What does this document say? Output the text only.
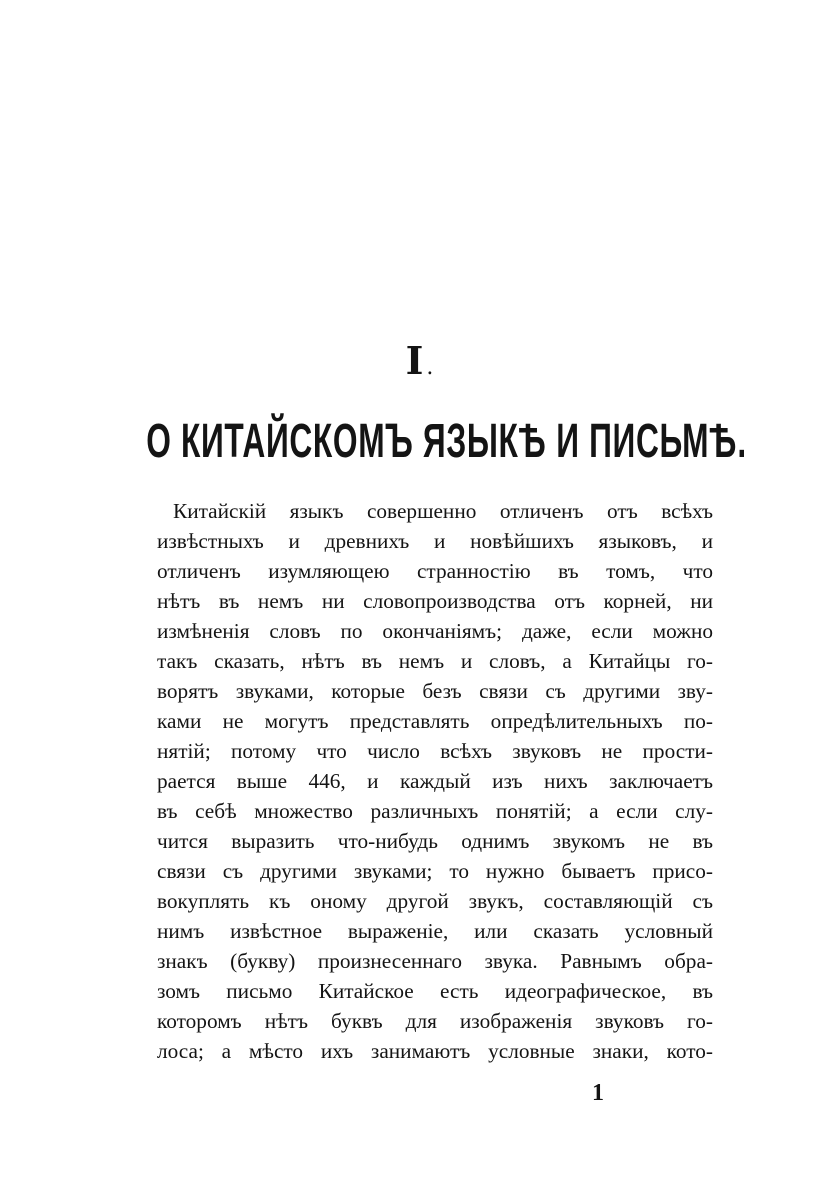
I.
О КИТАЙСКОМЪ ЯЗЫКѢ И ПИСЬМѢ.
Китайскій языкъ совершенно отличенъ отъ всѣхъ
извѣстныхъ и древнихъ и новѣйшихъ языковъ, и
отличенъ изумляющею странностію въ томъ, что
нѣтъ въ немъ ни словопроизводства отъ корней, ни
измѣненія словъ по окончаніямъ; даже, если можно
такъ сказать, нѣтъ въ немъ и словъ, а Китайцы го-
ворятъ звуками, которые безъ связи съ другими зву-
ками не могутъ представлять опредѣлительныхъ по-
нятій; потому что число всѣхъ звуковъ не прости-
рается выше 446, и каждый изъ нихъ заключаетъ
въ себѣ множество различныхъ понятій; а если слу-
чится выразить что-нибудь однимъ звукомъ не въ
связи съ другими звуками; то нужно бываетъ присо-
вокуплять къ оному другой звукъ, составляющій съ
нимъ извѣстное выраженіе, или сказать условный
знакъ (букву) произнесеннаго звука. Равнымъ обра-
зомъ письмо Китайское есть идеографическое, въ
которомъ нѣтъ буквъ для изображенія звуковъ го-
лоса; а мѣсто ихъ занимаютъ условные знаки, кото-
1
